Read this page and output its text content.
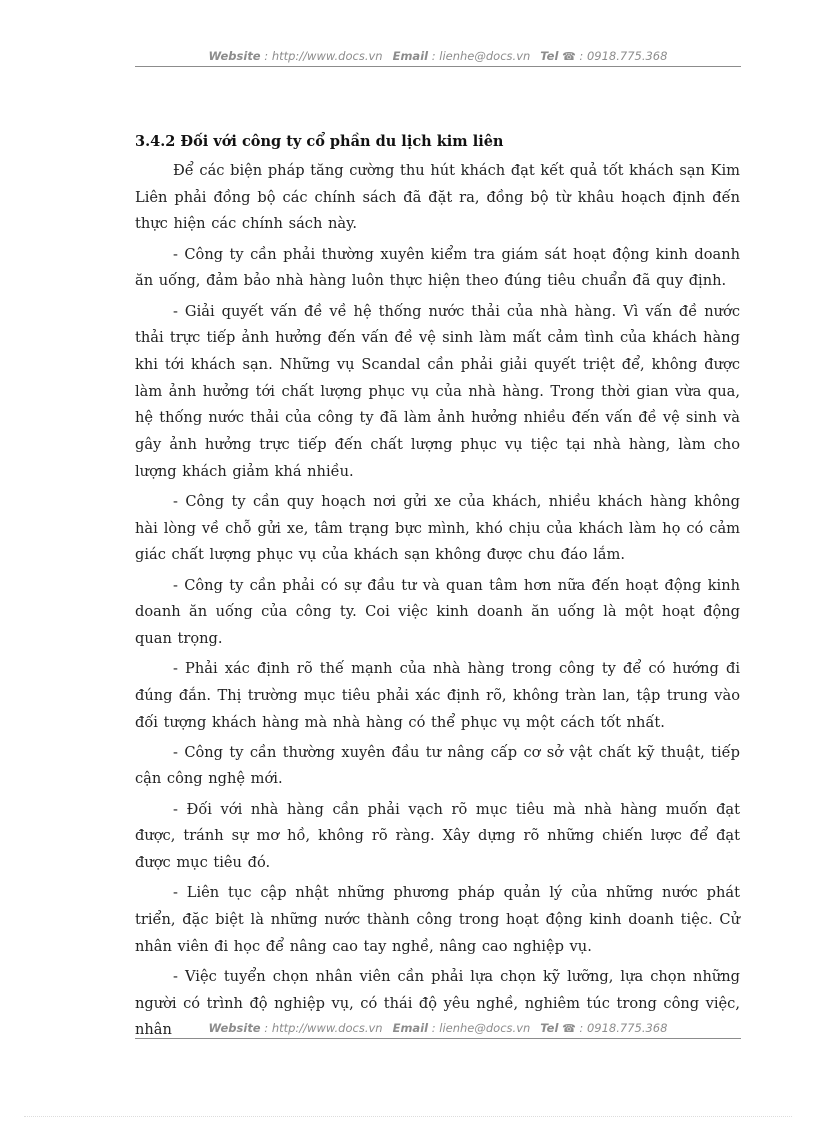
Website : http://www.docs.vn Email : lienhe@docs.vn Tel ☎ : 0918.775.368
3.4.2 Đối với công ty cổ phần du lịch kim liên

Để các biện pháp tăng cường thu hút khách đạt kết quả tốt khách sạn Kim Liên phải đồng bộ các chính sách đã đặt ra, đồng bộ từ khâu hoạch định đến thực hiện các chính sách này.

- Công ty cần phải thường xuyên kiểm tra giám sát hoạt động kinh doanh ăn uống, đảm bảo nhà hàng luôn thực hiện theo đúng tiêu chuẩn đã quy định.

- Giải quyết vấn đề về hệ thống nước thải của nhà hàng. Vì vấn đề nước thải trực tiếp ảnh hưởng đến vấn đề vệ sinh làm mất cảm tình của khách hàng khi tới khách sạn. Những vụ Scandal cần phải giải quyết triệt để, không được làm ảnh hưởng tới chất lượng phục vụ của nhà hàng. Trong thời gian vừa qua, hệ thống nước thải của công ty đã làm ảnh hưởng nhiều đến vấn đề vệ sinh và gây ảnh hưởng trực tiếp đến chất lượng phục vụ tiệc tại nhà hàng, làm cho lượng khách giảm khá nhiều.

- Công ty cần quy hoạch nơi gửi xe của khách, nhiều khách hàng không hài lòng về chỗ gửi xe, tâm trạng bực mình, khó chịu của khách làm họ có cảm giác chất lượng phục vụ của khách sạn không được chu đáo lắm.

- Công ty cần phải có sự đầu tư và quan tâm hơn nữa đến hoạt động kinh doanh ăn uống của công ty. Coi việc kinh doanh ăn uống là một hoạt động quan trọng.

- Phải xác định rõ thế mạnh của nhà hàng trong công ty để có hướng đi đúng đắn. Thị trường mục tiêu phải xác định rõ, không tràn lan, tập trung vào đối tượng khách hàng mà nhà hàng có thể phục vụ một cách tốt nhất.

- Công ty cần thường xuyên đầu tư nâng cấp cơ sở vật chất kỹ thuật, tiếp cận công nghệ mới.

- Đối với nhà hàng cần phải vạch rõ mục tiêu mà nhà hàng muốn đạt được, tránh sự mơ hồ, không rõ ràng. Xây dựng rõ những chiến lược để đạt được mục tiêu đó.

- Liên tục cập nhật những phương pháp quản lý của những nước phát triển, đặc biệt là những nước thành công trong hoạt động kinh doanh tiệc. Cử nhân viên đi học để nâng cao tay nghề, nâng cao nghiệp vụ.

- Việc tuyển chọn nhân viên cần phải lựa chọn kỹ lưỡng, lựa chọn những người có trình độ nghiệp vụ, có thái độ yêu nghề, nghiêm túc trong công việc, nhân	Website : http://www.docs.vn Email : lienhe@docs.vn Tel ☎ : 0918.775.368
